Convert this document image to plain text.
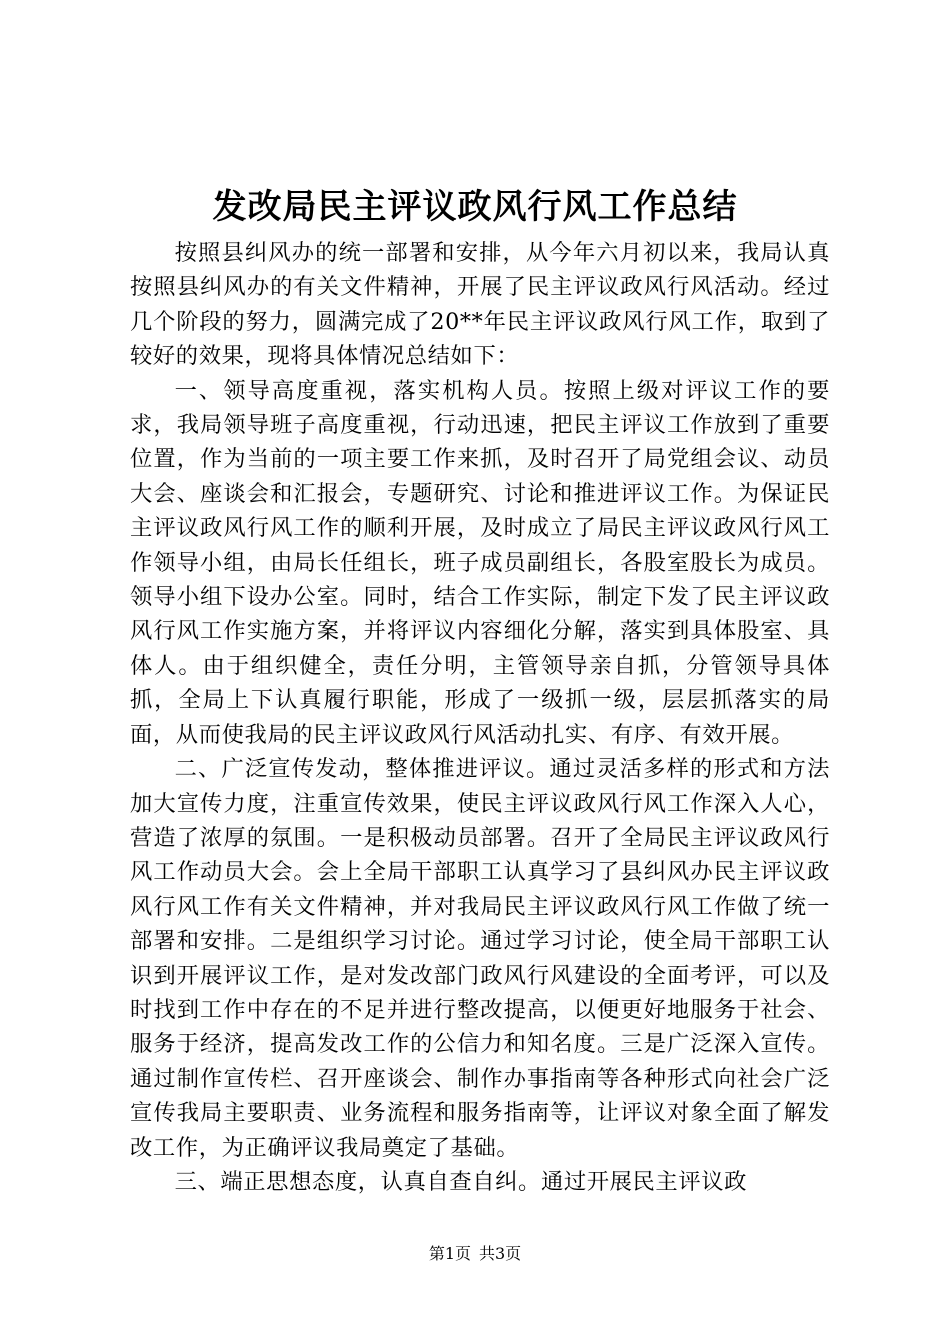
发改局民主评议政风行风工作总结

按照县纠风办的统一部署和安排，从今年六月初以来，我局认真按照县纠风办的有关文件精神，开展了民主评议政风行风活动。经过几个阶段的努力，圆满完成了20**年民主评议政风行风工作，取到了较好的效果，现将具体情况总结如下：

一、领导高度重视，落实机构人员。按照上级对评议工作的要求，我局领导班子高度重视，行动迅速，把民主评议工作放到了重要位置，作为当前的一项主要工作来抓，及时召开了局党组会议、动员大会、座谈会和汇报会，专题研究、讨论和推进评议工作。为保证民主评议政风行风工作的顺利开展，及时成立了局民主评议政风行风工作领导小组，由局长任组长，班子成员副组长，各股室股长为成员。领导小组下设办公室。同时，结合工作实际，制定下发了民主评议政风行风工作实施方案，并将评议内容细化分解，落实到具体股室、具体人。由于组织健全，责任分明，主管领导亲自抓，分管领导具体抓，全局上下认真履行职能，形成了一级抓一级，层层抓落实的局面，从而使我局的民主评议政风行风活动扎实、有序、有效开展。

二、广泛宣传发动，整体推进评议。通过灵活多样的形式和方法加大宣传力度，注重宣传效果，使民主评议政风行风工作深入人心，营造了浓厚的氛围。一是积极动员部署。召开了全局民主评议政风行风工作动员大会。会上全局干部职工认真学习了县纠风办民主评议政风行风工作有关文件精神，并对我局民主评议政风行风工作做了统一部署和安排。二是组织学习讨论。通过学习讨论，使全局干部职工认识到开展评议工作，是对发改部门政风行风建设的全面考评，可以及时找到工作中存在的不足并进行整改提高，以便更好地服务于社会、服务于经济，提高发改工作的公信力和知名度。三是广泛深入宣传。通过制作宣传栏、召开座谈会、制作办事指南等各种形式向社会广泛宣传我局主要职责、业务流程和服务指南等，让评议对象全面了解发改工作，为正确评议我局奠定了基础。

三、端正思想态度，认真自查自纠。通过开展民主评议政

第1页 共3页
